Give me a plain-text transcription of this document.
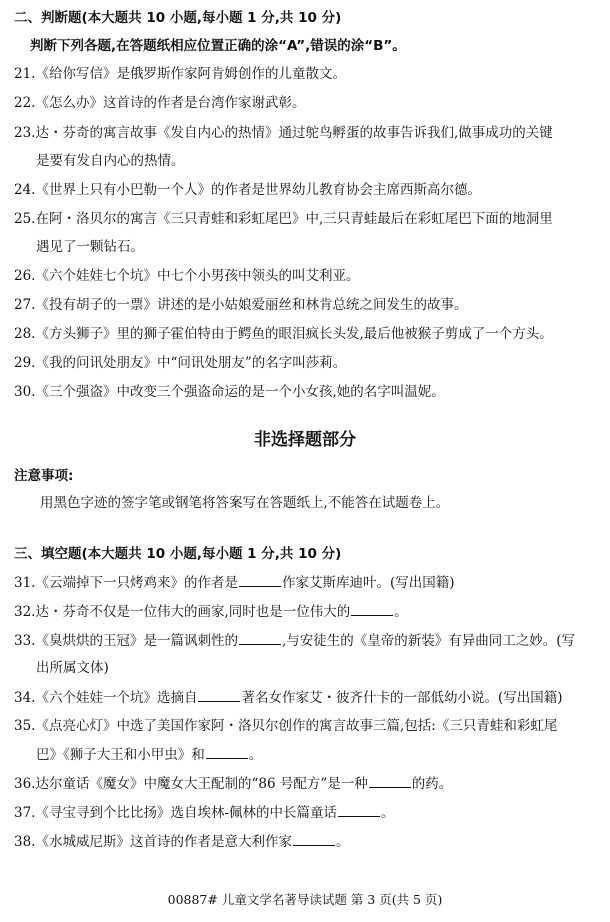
二、判断题(本大题共 10 小题,每小题 1 分,共 10 分)
判断下列各题,在答题纸相应位置正确的涂“A”,错误的涂“B”。
21.《给你写信》是俄罗斯作家阿肯姆创作的儿童散文。
22.《怎么办》这首诗的作者是台湾作家谢武彰。
23.达・芬奇的寓言故事《发自内心的热情》通过鸵鸟孵蛋的故事告诉我们,做事成功的关键
是要有发自内心的热情。
24.《世界上只有小巴勒一个人》的作者是世界幼儿教育协会主席西斯高尔德。
25.在阿・洛贝尔的寓言《三只青蛙和彩虹尾巴》中,三只青蛙最后在彩虹尾巴下面的地洞里
遇见了一颗钻石。
26.《六个娃娃七个坑》中七个小男孩中领头的叫艾利亚。
27.《投有胡子的一票》讲述的是小姑娘爱丽丝和林肯总统之间发生的故事。
28.《方头狮子》里的狮子霍伯特由于鳄鱼的眼泪疯长头发,最后他被猴子剪成了一个方头。
29.《我的问讯处朋友》中“问讯处朋友”的名字叫莎莉。
30.《三个强盗》中改变三个强盗命运的是一个小女孩,她的名字叫温妮。
非选择题部分
注意事项:
用黑色字迹的签字笔或钢笔将答案写在答题纸上,不能答在试题卷上。
三、填空题(本大题共 10 小题,每小题 1 分,共 10 分)
31.《云端掉下一只烤鸡来》的作者是	作家艾斯库迪叶。(写出国籍)
32.达・芬奇不仅是一位伟大的画家,同时也是一位伟大的	。
33.《臭烘烘的王冠》是一篇讽刺性的	,与安徒生的《皇帝的新装》有异曲同工之妙。(写
出所属文体)
34.《六个娃娃一个坑》选摘自	著名女作家艾・彼齐什卡的一部低幼小说。(写出国籍)
35.《点亮心灯》中选了美国作家阿・洛贝尔创作的寓言故事三篇,包括:《三只青蛙和彩虹尾
巴》《狮子大王和小甲虫》和	。
36.达尔童话《魔女》中魔女大王配制的“86 号配方”是一种	的药。
37.《寻宝寻到个比比扬》选自埃林-佩林的中长篇童话	。
38.《水城威尼斯》这首诗的作者是意大利作家	。
00887# 儿童文学名著导读试题 第 3 页(共 5 页)
